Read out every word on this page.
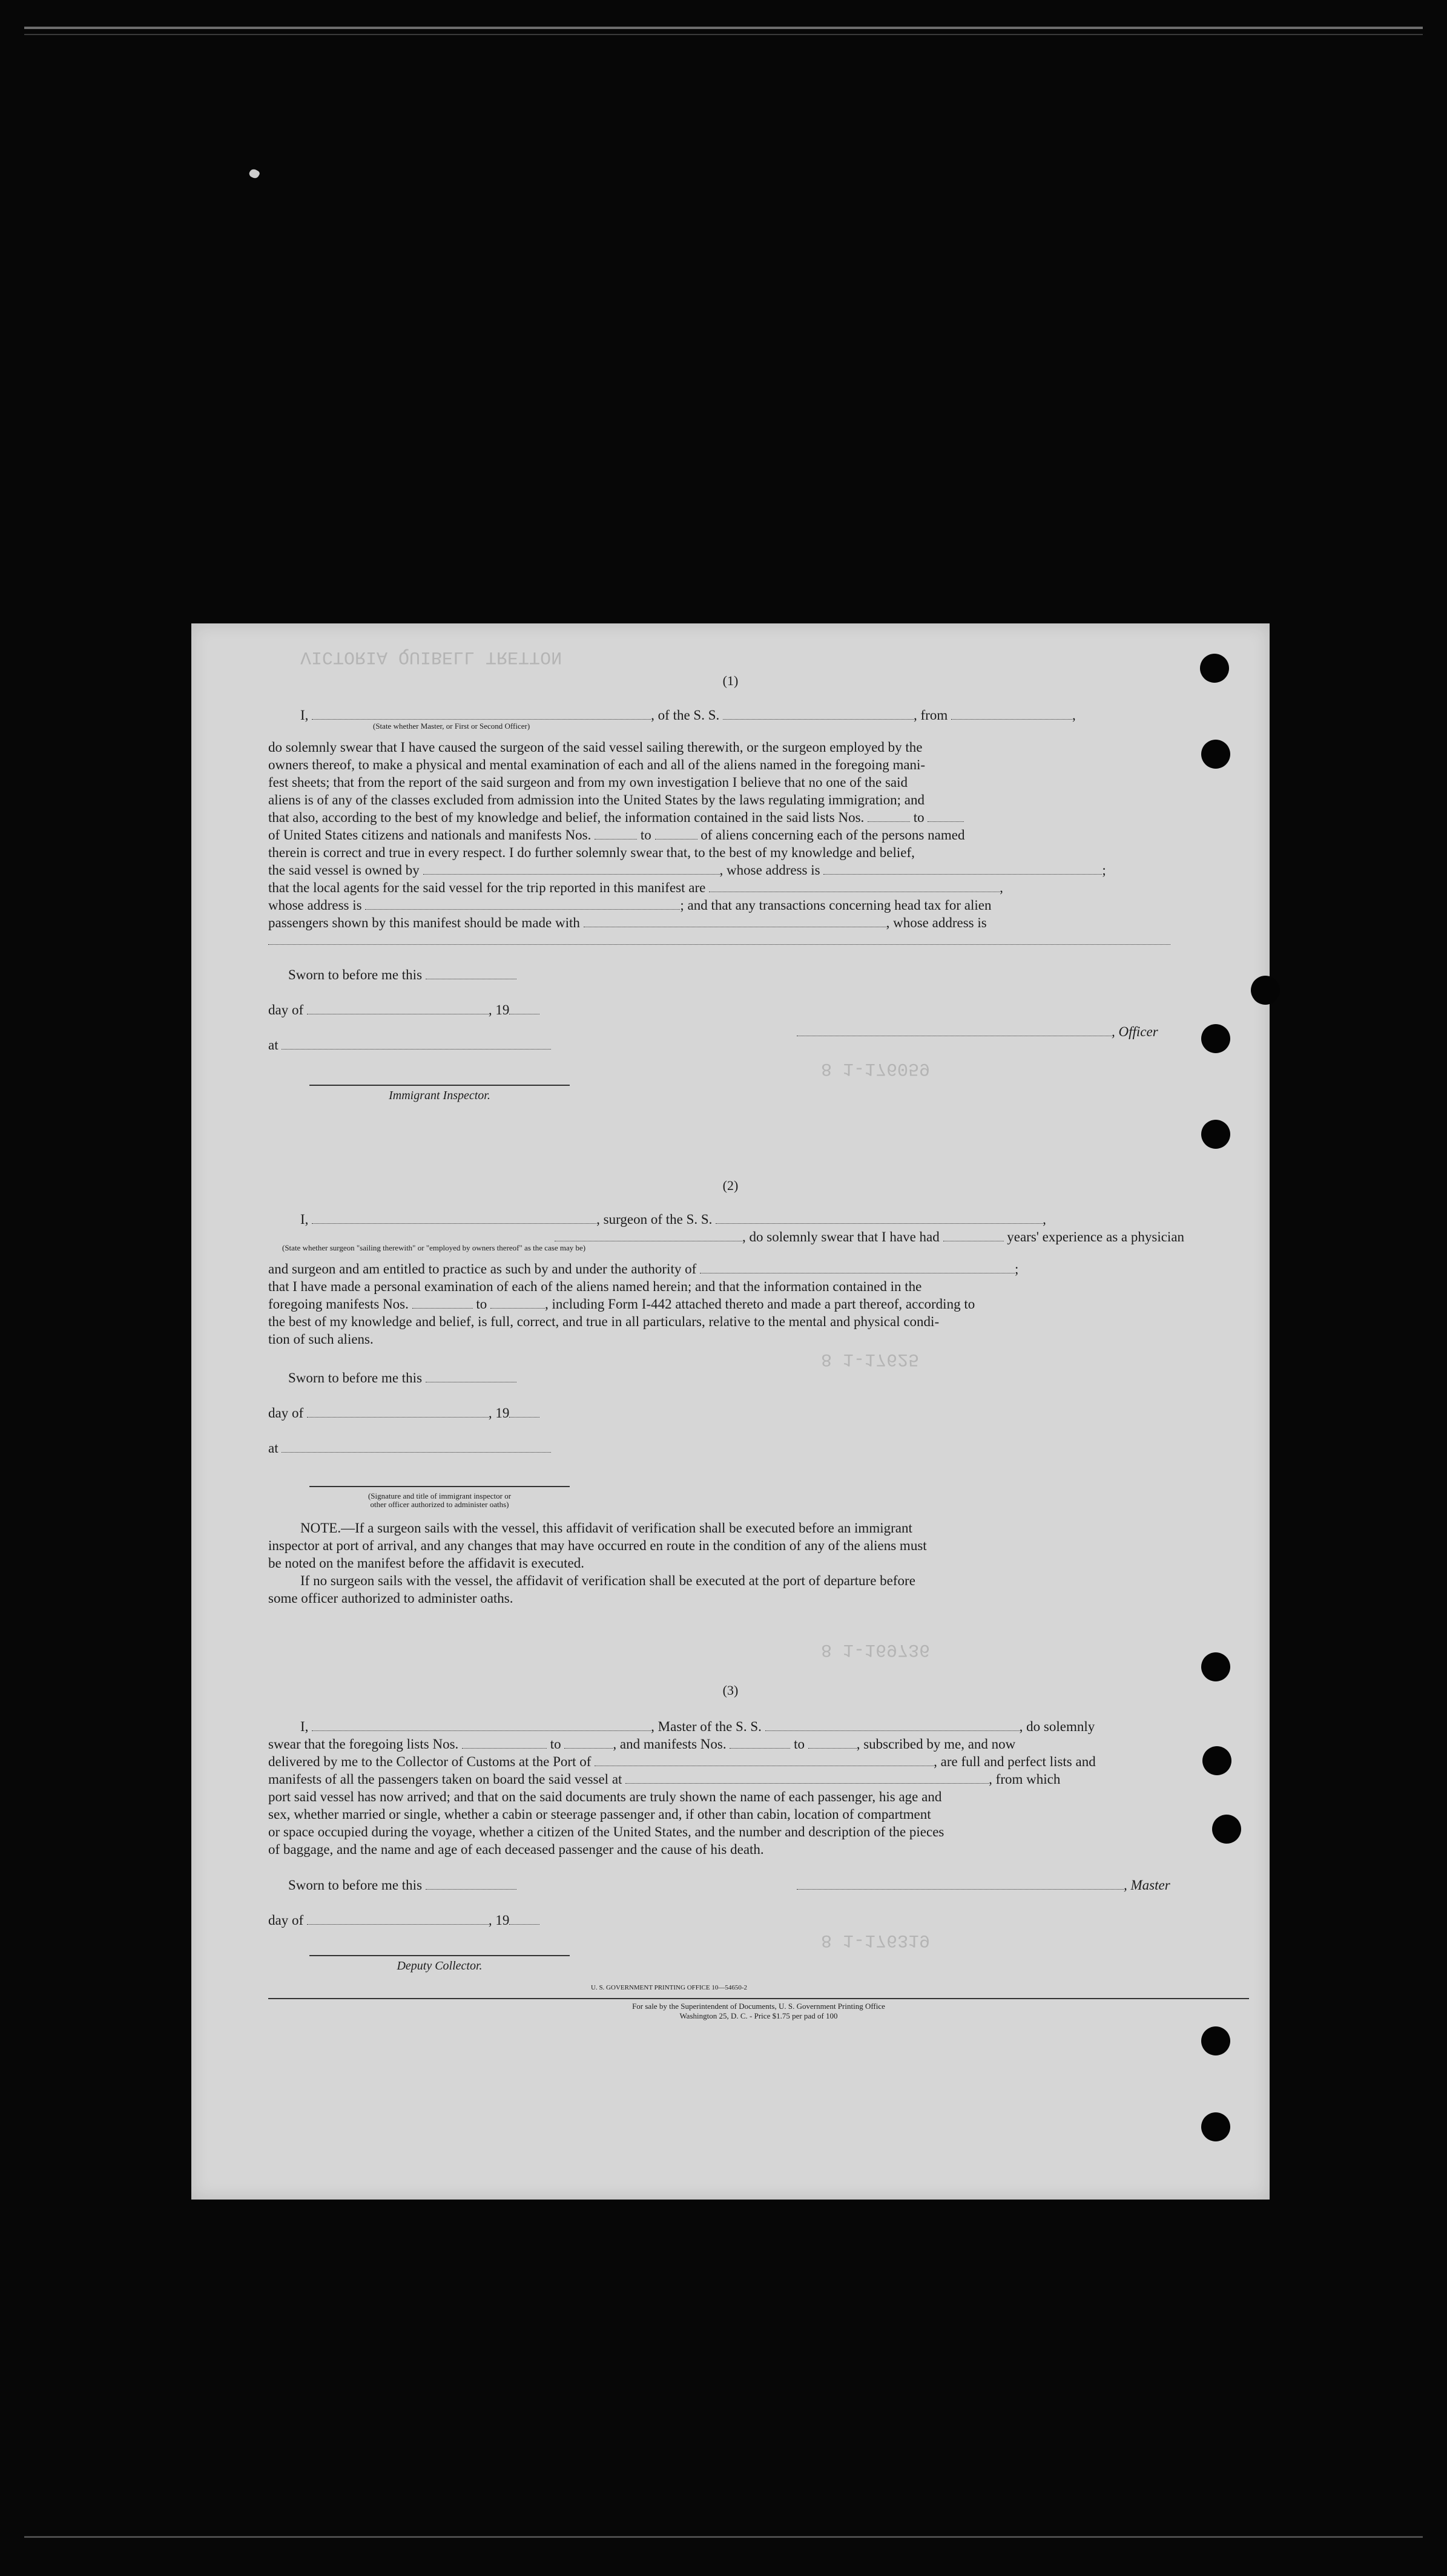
VICTORIA QUIBELL TRETTON
8 1-176059
8 1-17625
8 1-169736
8 1-176319
(1)
I,	, of the S. S.	, from	,
(State whether Master, or First or Second Officer)
do solemnly swear that I have caused the surgeon of the said vessel sailing therewith, or the surgeon employed by the
owners thereof, to make a physical and mental examination of each and all of the aliens named in the foregoing mani-
fest sheets; that from the report of the said surgeon and from my own investigation I believe that no one of the said
aliens is of any of the classes excluded from admission into the United States by the laws regulating immigration; and
that also, according to the best of my knowledge and belief, the information contained in the said lists Nos.	to
of United States citizens and nationals and manifests Nos.	to	of aliens concerning each of the persons named
therein is correct and true in every respect. I do further solemnly swear that, to the best of my knowledge and belief,
the said vessel is owned by	, whose address is	;
that the local agents for the said vessel for the trip reported in this manifest are	,
whose address is	; and that any transactions concerning head tax for alien
passengers shown by this manifest should be made with	, whose address is
Sworn to before me this
day of	, 19
at
Immigrant Inspector.
, Officer
(2)
I,	, surgeon of the S. S.	,
, do solemnly swear that I have had	years' experience as a physician
(State whether surgeon "sailing therewith" or "employed by owners thereof" as the case may be)
and surgeon and am entitled to practice as such by and under the authority of	;
that I have made a personal examination of each of the aliens named herein; and that the information contained in the
foregoing manifests Nos.	to	, including Form I-442 attached thereto and made a part thereof, according to
the best of my knowledge and belief, is full, correct, and true in all particulars, relative to the mental and physical condi-
tion of such aliens.
Sworn to before me this
day of	, 19
at
(Signature and title of immigrant inspector or
other officer authorized to administer oaths)
NOTE.—If a surgeon sails with the vessel, this affidavit of verification shall be executed before an immigrant
inspector at port of arrival, and any changes that may have occurred en route in the condition of any of the aliens must
be noted on the manifest before the affidavit is executed.
If no surgeon sails with the vessel, the affidavit of verification shall be executed at the port of departure before
some officer authorized to administer oaths.
(3)
I,	, Master of the S. S.	, do solemnly
swear that the foregoing lists Nos.	to	, and manifests Nos.	to	, subscribed by me, and now
delivered by me to the Collector of Customs at the Port of	, are full and perfect lists and
manifests of all the passengers taken on board the said vessel at	, from which
port said vessel has now arrived; and that on the said documents are truly shown the name of each passenger, his age and
sex, whether married or single, whether a cabin or steerage passenger and, if other than cabin, location of compartment
or space occupied during the voyage, whether a citizen of the United States, and the number and description of the pieces
of baggage, and the name and age of each deceased passenger and the cause of his death.
Sworn to before me this
day of	, 19
Deputy Collector.
, Master
U. S. GOVERNMENT PRINTING OFFICE 10—54650-2
For sale by the Superintendent of Documents, U. S. Government Printing Office
Washington 25, D. C. - Price $1.75 per pad of 100
